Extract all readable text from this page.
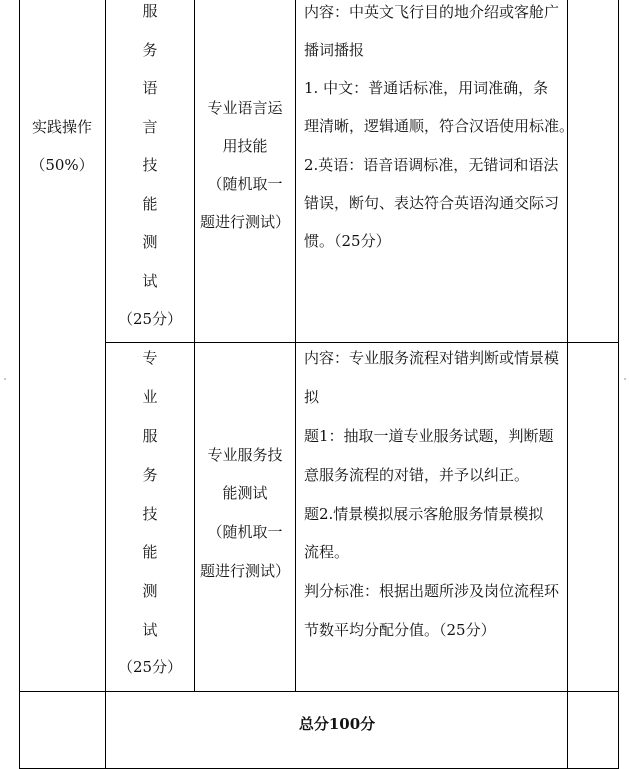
实践操作
（50%）
服
务
语
言
技
能
测
试
（25分）
专业语言运
用技能
（随机取一
题进行测试）
内容：中英文飞行目的地介绍或客舱广
播词播报
1. 中文：普通话标准，用词准确，条
理清晰，逻辑通顺，符合汉语使用标准。
2.英语：语音语调标准，无错词和语法
错误，断句、表达符合英语沟通交际习
惯。（25分）
专
业
服
务
技
能
测
试
（25分）
专业服务技
能测试
（随机取一
题进行测试）
内容：专业服务流程对错判断或情景模
拟
题1：抽取一道专业服务试题，判断题
意服务流程的对错，并予以纠正。
题2.情景模拟展示客舱服务情景模拟
流程。
判分标准：根据出题所涉及岗位流程环
节数平均分配分值。（25分）
总分100分
